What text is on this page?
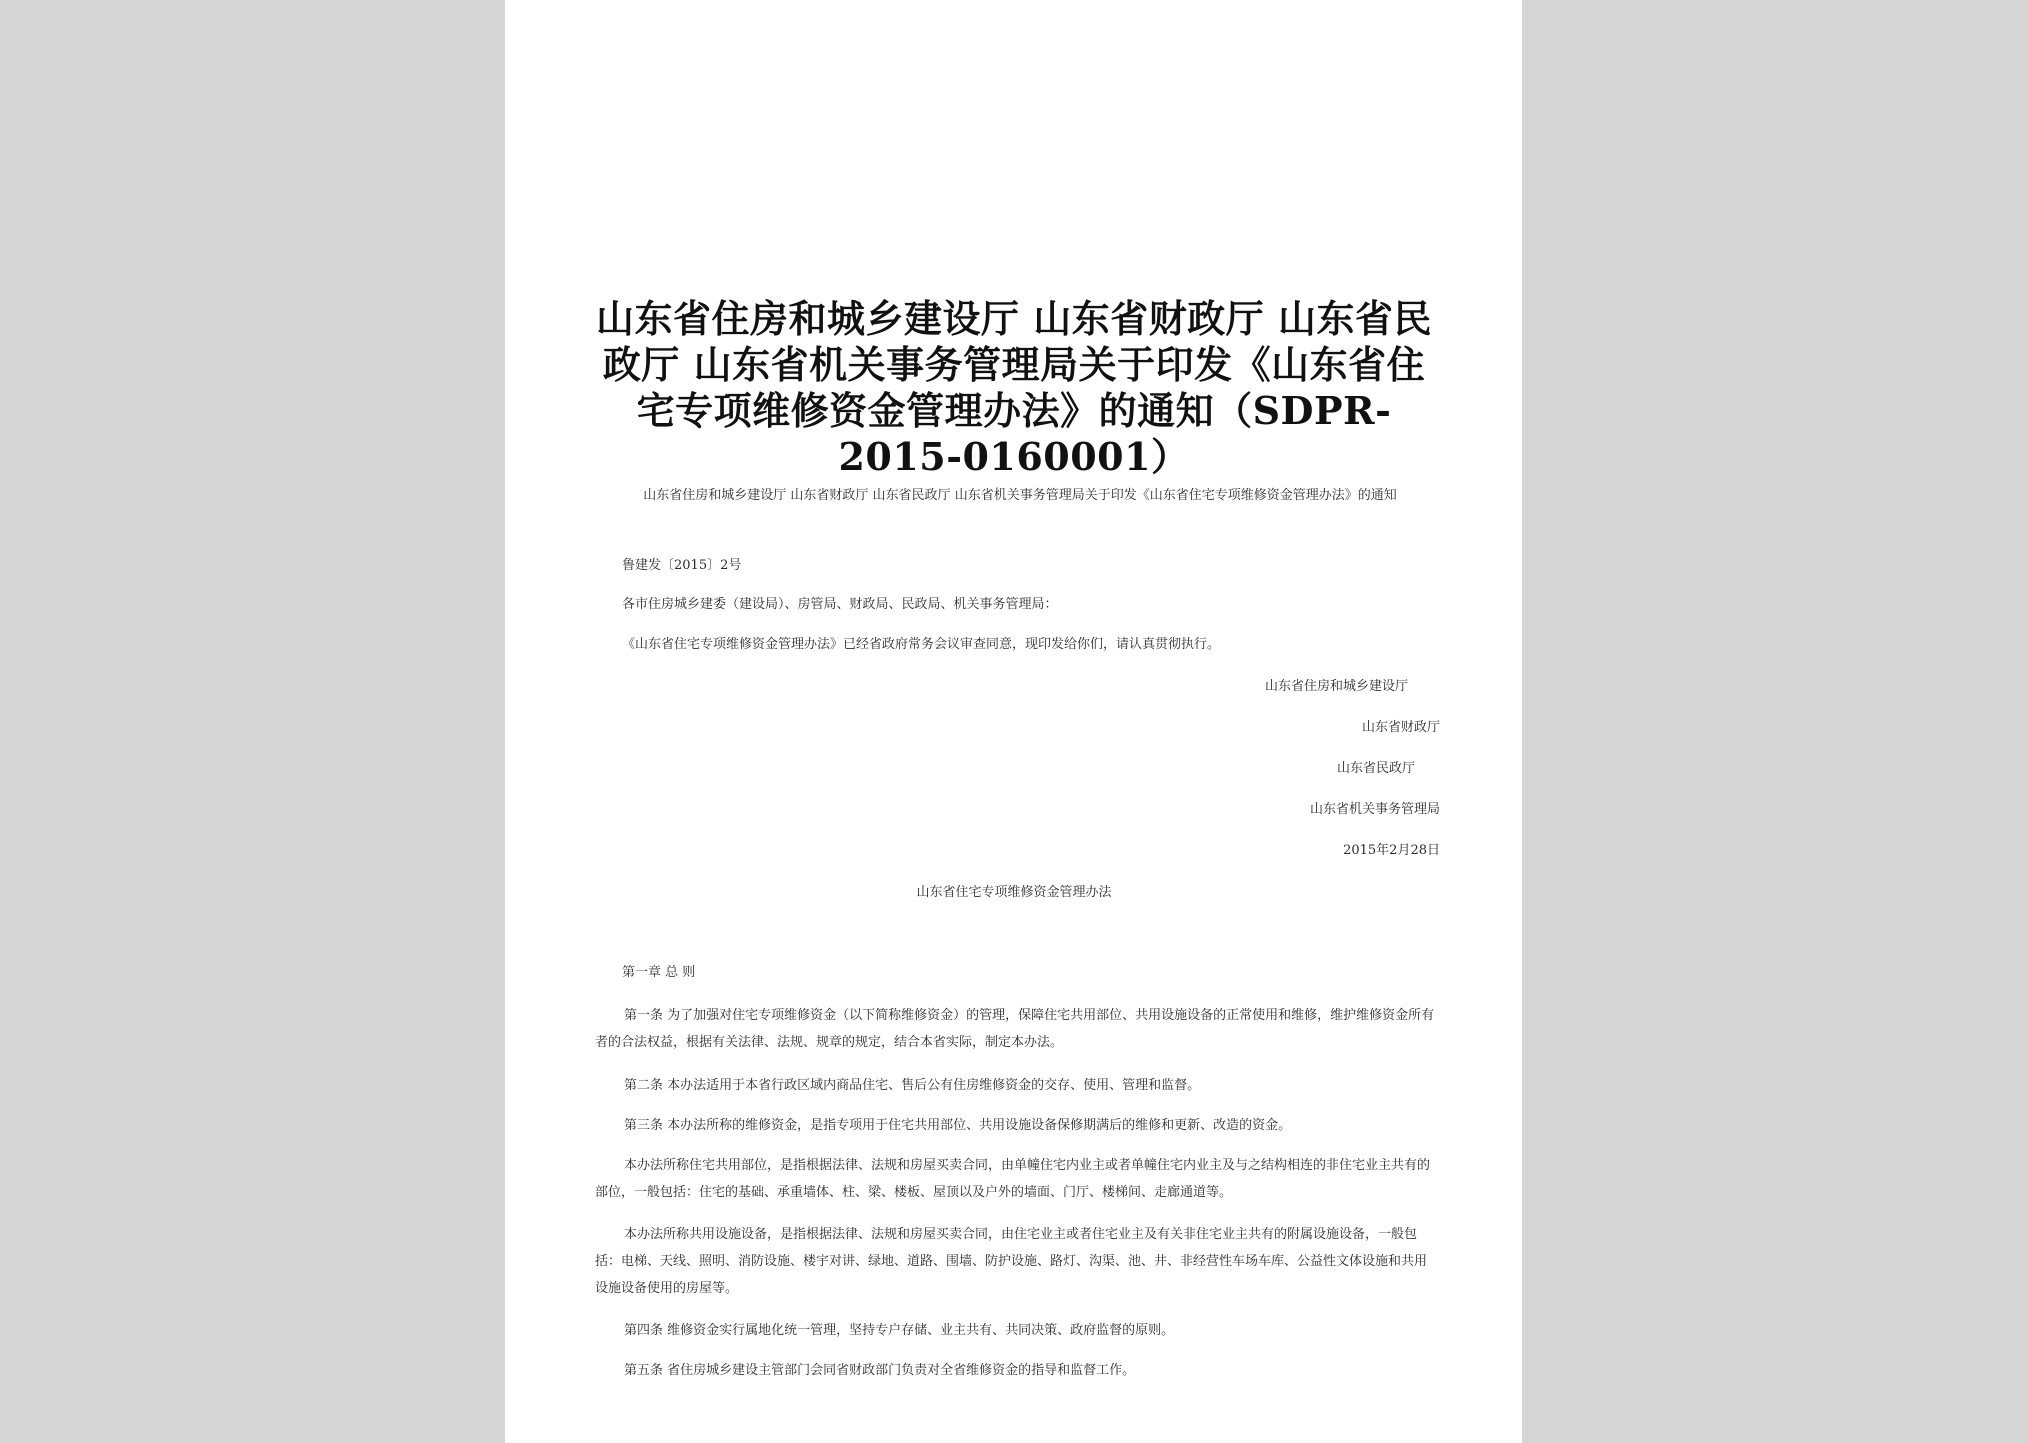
山东省住房和城乡建设厅 山东省财政厅 山东省民政厅 山东省机关事务管理局关于印发《山东省住宅专项维修资金管理办法》的通知（SDPR-2015-0160001）
山东省住房和城乡建设厅 山东省财政厅 山东省民政厅 山东省机关事务管理局关于印发《山东省住宅专项维修资金管理办法》的通知
鲁建发〔2015〕2号
各市住房城乡建委（建设局）、房管局、财政局、民政局、机关事务管理局：
《山东省住宅专项维修资金管理办法》已经省政府常务会议审查同意，现印发给你们，请认真贯彻执行。
山东省住房和城乡建设厅
山东省财政厅
山东省民政厅
山东省机关事务管理局
2015年2月28日
山东省住宅专项维修资金管理办法
第一章 总 则
第一条 为了加强对住宅专项维修资金（以下简称维修资金）的管理，保障住宅共用部位、共用设施设备的正常使用和维修，维护维修资金所有者的合法权益，根据有关法律、法规、规章的规定，结合本省实际，制定本办法。
第二条 本办法适用于本省行政区域内商品住宅、售后公有住房维修资金的交存、使用、管理和监督。
第三条 本办法所称的维修资金，是指专项用于住宅共用部位、共用设施设备保修期满后的维修和更新、改造的资金。
本办法所称住宅共用部位，是指根据法律、法规和房屋买卖合同，由单幢住宅内业主或者单幢住宅内业主及与之结构相连的非住宅业主共有的部位，一般包括：住宅的基础、承重墙体、柱、梁、楼板、屋顶以及户外的墙面、门厅、楼梯间、走廊通道等。
本办法所称共用设施设备，是指根据法律、法规和房屋买卖合同，由住宅业主或者住宅业主及有关非住宅业主共有的附属设施设备，一般包括：电梯、天线、照明、消防设施、楼宇对讲、绿地、道路、围墙、防护设施、路灯、沟渠、池、井、非经营性车场车库、公益性文体设施和共用设施设备使用的房屋等。
第四条 维修资金实行属地化统一管理，坚持专户存储、业主共有、共同决策、政府监督的原则。
第五条 省住房城乡建设主管部门会同省财政部门负责对全省维修资金的指导和监督工作。
